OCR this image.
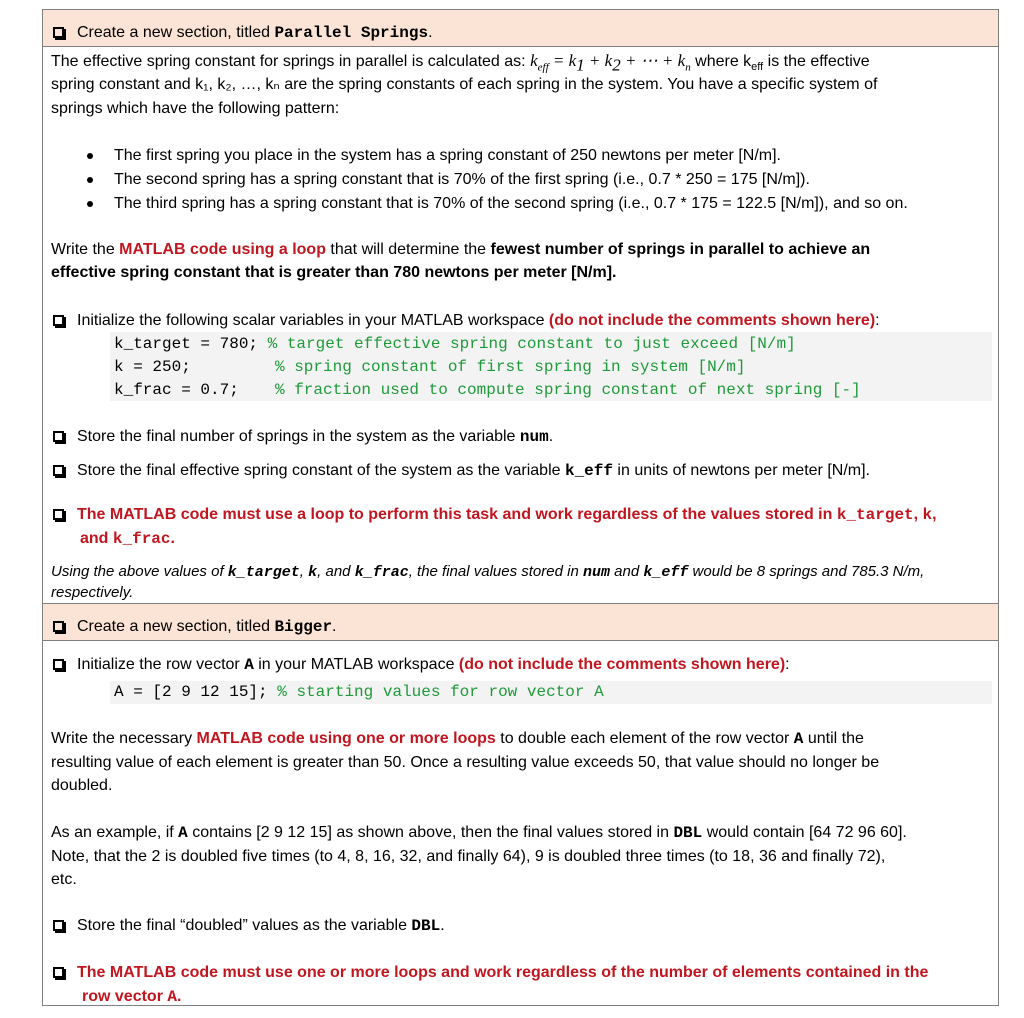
Create a new section, titled Parallel Springs.
The effective spring constant for springs in parallel is calculated as: $k_{eff} = k_1 + k_2$ + ⋯ + $k_n$ where $k_{eff}$ is the effective
spring constant and k₁, k₂, …, kₙ are the spring constants of each spring in the system. You have a specific system of
springs which have the following pattern:
The first spring you place in the system has a spring constant of 250 newtons per meter [N/m].
The second spring has a spring constant that is 70% of the first spring (i.e., 0.7 * 250 = 175 [N/m]).
The third spring has a spring constant that is 70% of the second spring (i.e., 0.7 * 175 = 122.5 [N/m]), and so on.
Write the MATLAB code using a loop that will determine the fewest number of springs in parallel to achieve an
effective spring constant that is greater than 780 newtons per meter [N/m].
Initialize the following scalar variables in your MATLAB workspace (do not include the comments shown here):
k_target = 780; % target effective spring constant to just exceed [N/m]
k = 250;	% spring constant of first spring in system [N/m]
k_frac = 0.7; % fraction used to compute spring constant of next spring [-]
Store the final number of springs in the system as the variable num.
Store the final effective spring constant of the system as the variable k_eff in units of newtons per meter [N/m].
The MATLAB code must use a loop to perform this task and work regardless of the values stored in k_target, k,
and k_frac.
Using the above values of k_target, k, and k_frac, the final values stored in num and k_eff would be 8 springs and 785.3 N/m,
respectively.
Create a new section, titled Bigger.
Initialize the row vector A in your MATLAB workspace (do not include the comments shown here):
A = [2 9 12 15]; % starting values for row vector A
Write the necessary MATLAB code using one or more loops to double each element of the row vector A until the
resulting value of each element is greater than 50. Once a resulting value exceeds 50, that value should no longer be
doubled.
As an example, if A contains [2 9 12 15] as shown above, then the final values stored in DBL would contain [64 72 96 60].
Note, that the 2 is doubled five times (to 4, 8, 16, 32, and finally 64), 9 is doubled three times (to 18, 36 and finally 72),
etc.
Store the final “doubled” values as the variable DBL.
The MATLAB code must use one or more loops and work regardless of the number of elements contained in the
row vector A.
